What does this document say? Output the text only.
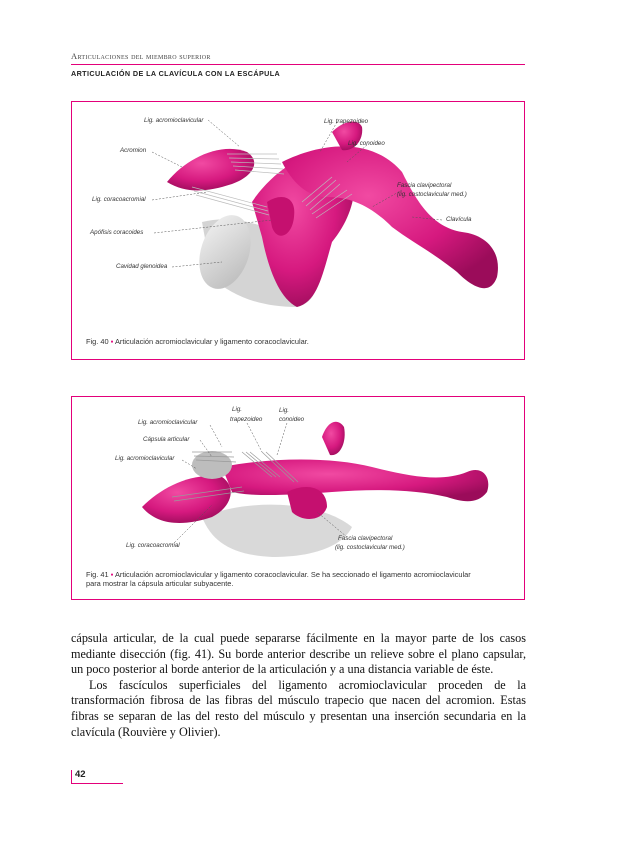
Articulaciones del miembro superior
ARTICULACIÓN DE LA CLAVÍCULA CON LA ESCÁPULA
Lig. acromioclavicular	Lig. trapezoideo
Acromion
Lig. conoideo
Fascia clavipectoral
(lig. costoclavicular med.)
Lig. coracoacromial
Clavícula
Apófisis coracoides
Cavidad glenoidea
Fig. 40 ▪ Articulación acromioclavicular y ligamento coracoclavicular.
Lig.	Lig.
Lig. acromioclavicular	trapezoideo	conoideo
Cápsula articular
Lig. acromioclavicular
Lig. coracoacromial
Fascia clavipectoral
(lig. costoclavicular med.)
Fig. 41 ▪ Articulación acromioclavicular y ligamento coracoclavicular. Se ha seccionado el ligamento acromioclavicular
para mostrar la cápsula articular subyacente.

cápsula articular, de la cual puede separarse fácilmente en la mayor parte de los casos mediante disección (fig. 41). Su borde anterior describe un relieve sobre el plano capsular, un poco posterior al borde anterior de la articulación y a una distancia variable de éste.

Los fascículos superficiales del ligamento acromioclavicular proceden de la transformación fibrosa de las fibras del músculo trapecio que nacen del acromion. Estas fibras se separan de las del resto del músculo y presentan una inserción secundaria en la clavícula (Rouvière y Olivier).

42
